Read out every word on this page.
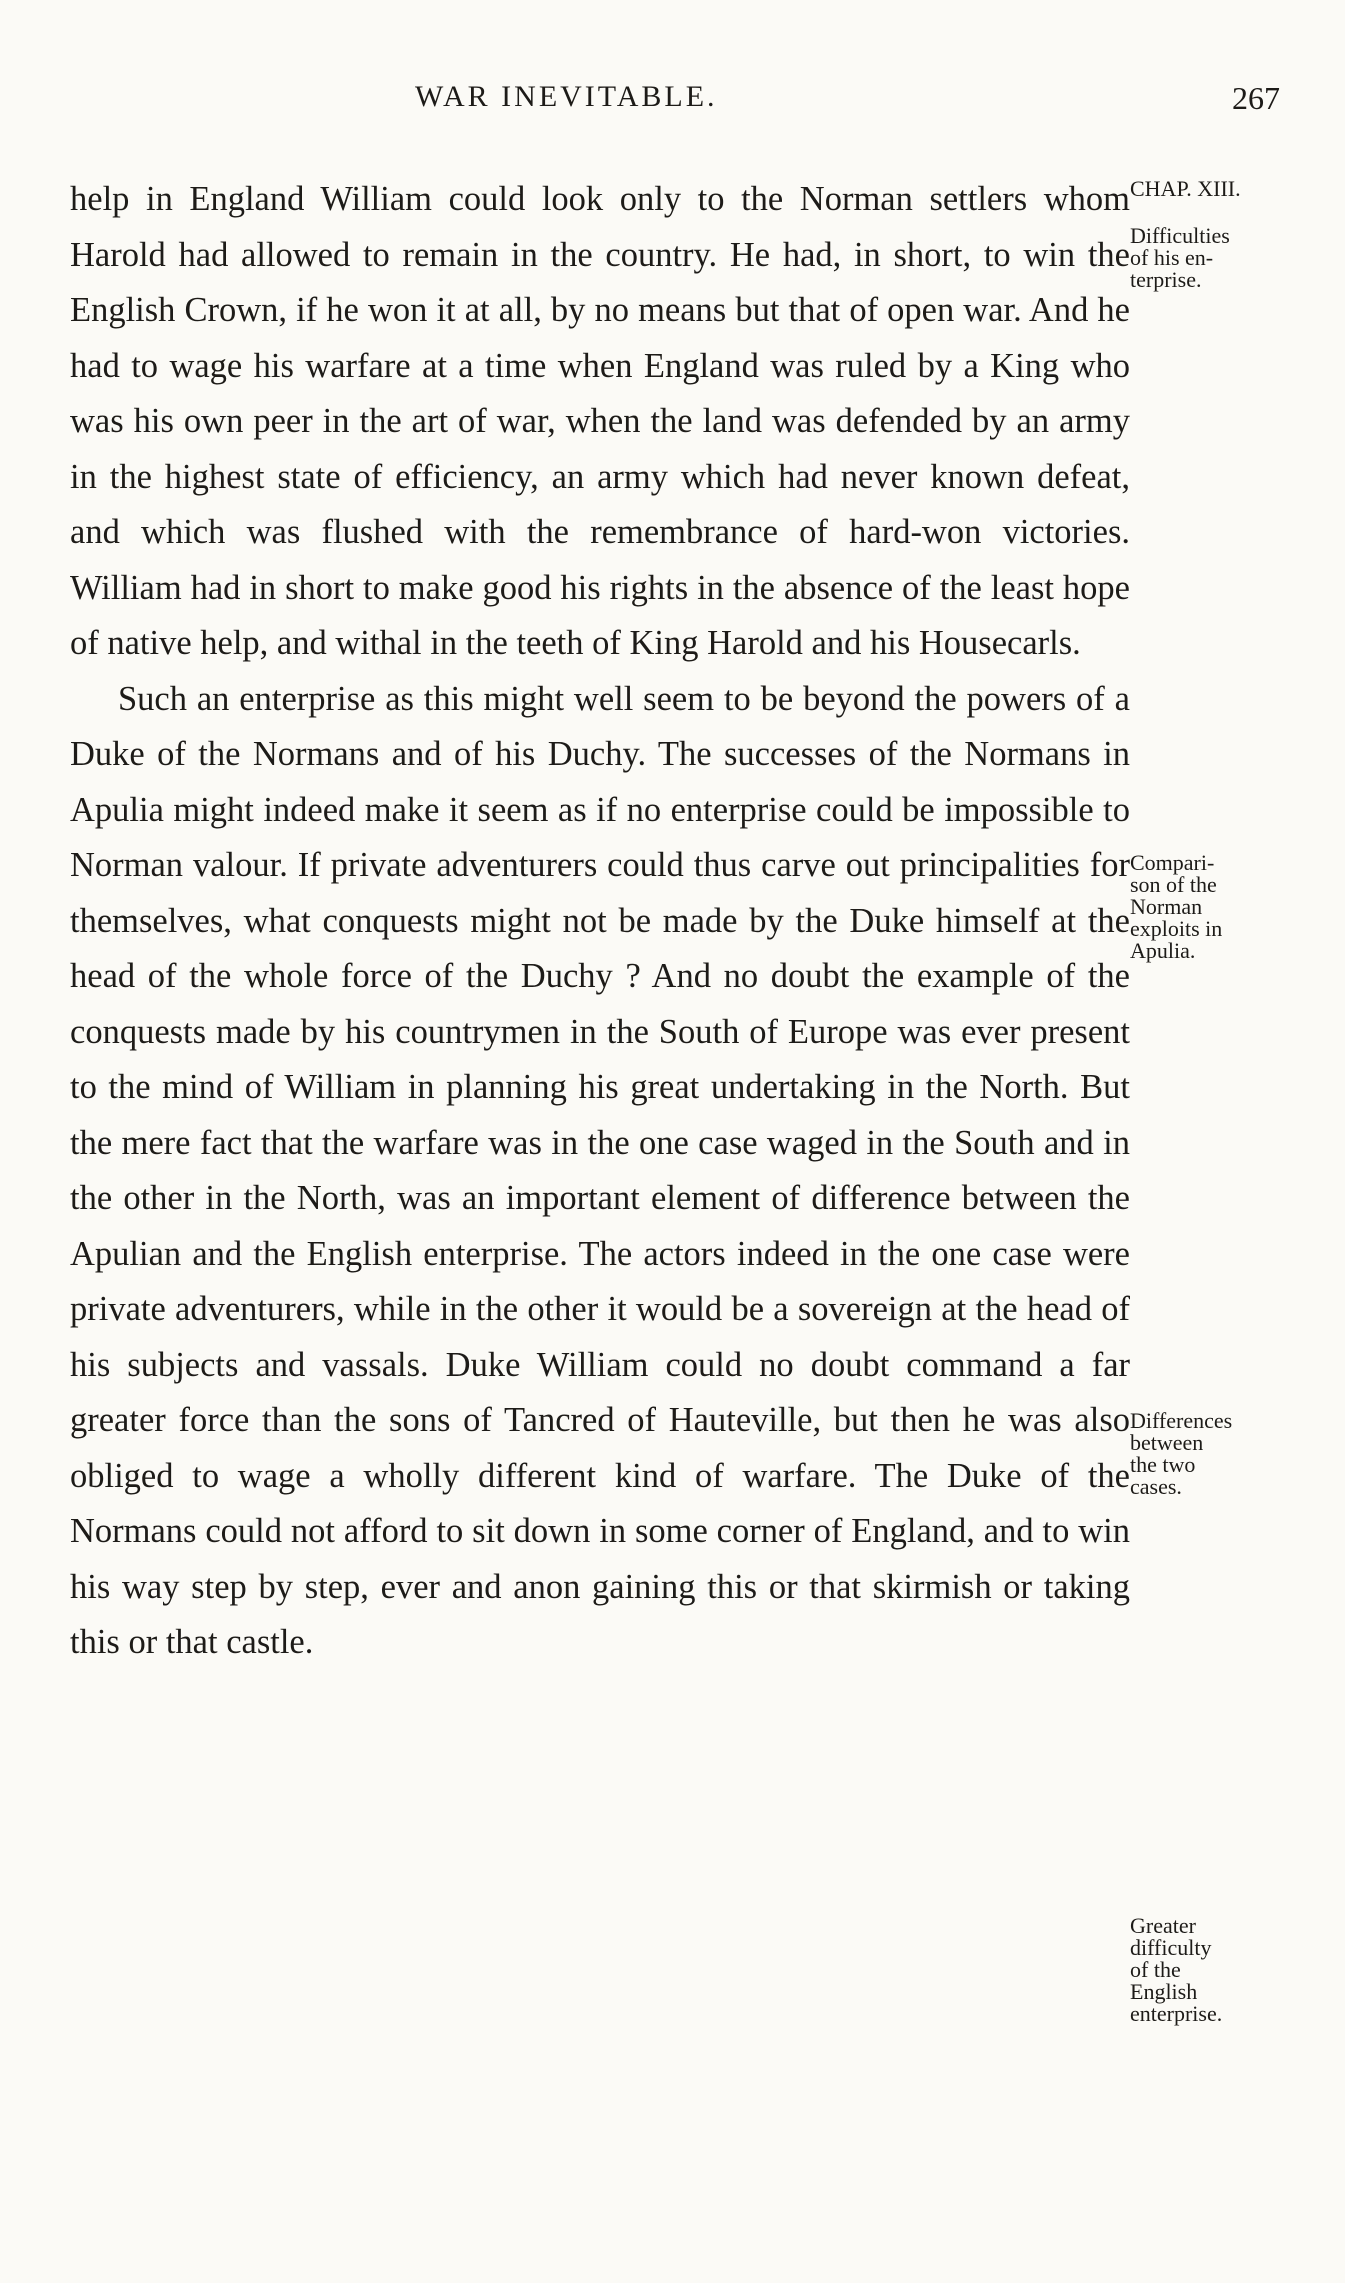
WAR INEVITABLE.	267

help in England William could look only to the Norman settlers whom Harold had allowed to remain in the country. He had, in short, to win the English Crown, if he won it at all, by no means but that of open war. And he had to wage his warfare at a time when England was ruled by a King who was his own peer in the art of war, when the land was defended by an army in the highest state of efficiency, an army which had never known defeat, and which was flushed with the remembrance of hard-won victories. William had in short to make good his rights in the absence of the least hope of native help, and withal in the teeth of King Harold and his Housecarls.

Such an enterprise as this might well seem to be beyond the powers of a Duke of the Normans and of his Duchy. The successes of the Normans in Apulia might indeed make it seem as if no enterprise could be impossible to Norman valour. If private adventurers could thus carve out principalities for themselves, what conquests might not be made by the Duke himself at the head of the whole force of the Duchy ? And no doubt the example of the conquests made by his countrymen in the South of Europe was ever present to the mind of William in planning his great undertaking in the North. But the mere fact that the warfare was in the one case waged in the South and in the other in the North, was an important element of difference between the Apulian and the English enterprise. The actors indeed in the one case were private adventurers, while in the other it would be a sovereign at the head of his subjects and vassals. Duke William could no doubt command a far greater force than the sons of Tancred of Hauteville, but then he was also obliged to wage a wholly different kind of warfare. The Duke of the Normans could not afford to sit down in some corner of England, and to win his way step by step, ever and anon gaining this or that skirmish or taking this or that castle.

CHAP. XIII.
Difficulties
of his en-
terprise.
Compari-
son of the
Norman
exploits in
Apulia.
Differences
between
the two
cases.
Greater
difficulty
of the
English
enterprise.
